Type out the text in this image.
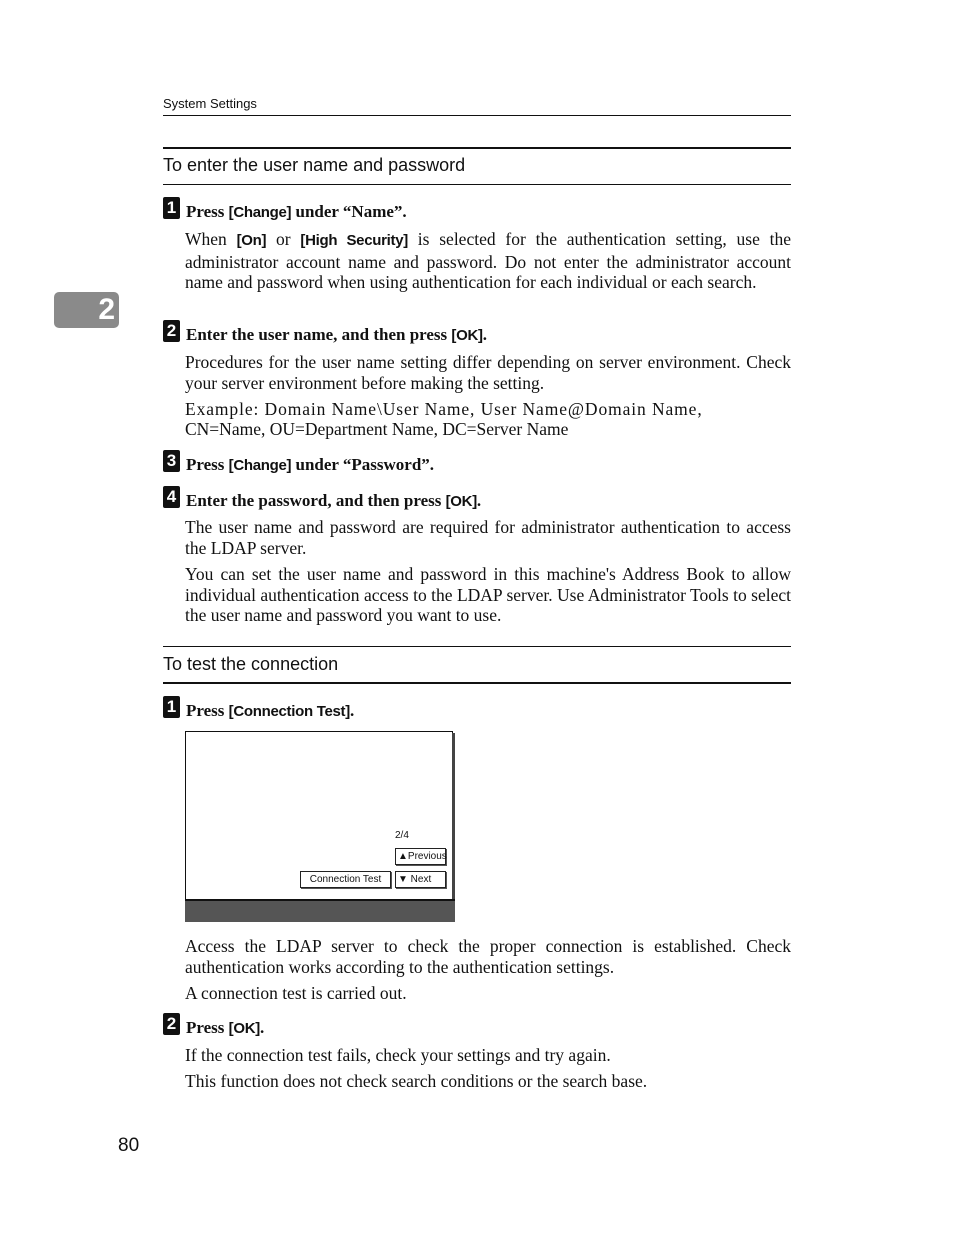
System Settings
2
To enter the user name and password
1 Press [Change] under “Name”.
When [On] or [High Security] is selected for the authentication setting, use the administrator account name and password. Do not enter the administrator account name and password when using authentication for each individual or each search.
2 Enter the user name, and then press [OK].
Procedures for the user name setting differ depending on server environment. Check your server environment before making the setting.
Example: Domain Name\User Name, User Name@Domain Name,
CN=Name, OU=Department Name, DC=Server Name
3 Press [Change] under “Password”.
4 Enter the password, and then press [OK].
The user name and password are required for administrator authentication to access the LDAP server.
You can set the user name and password in this machine's Address Book to allow individual authentication access to the LDAP server. Use Administrator Tools to select the user name and password you want to use.
To test the connection
1 Press [Connection Test].
2/4
▲Previous
Connection Test	▼ Next
Access the LDAP server to check the proper connection is established. Check authentication works according to the authentication settings.
A connection test is carried out.
2 Press [OK].
If the connection test fails, check your settings and try again.
This function does not check search conditions or the search base.
80
